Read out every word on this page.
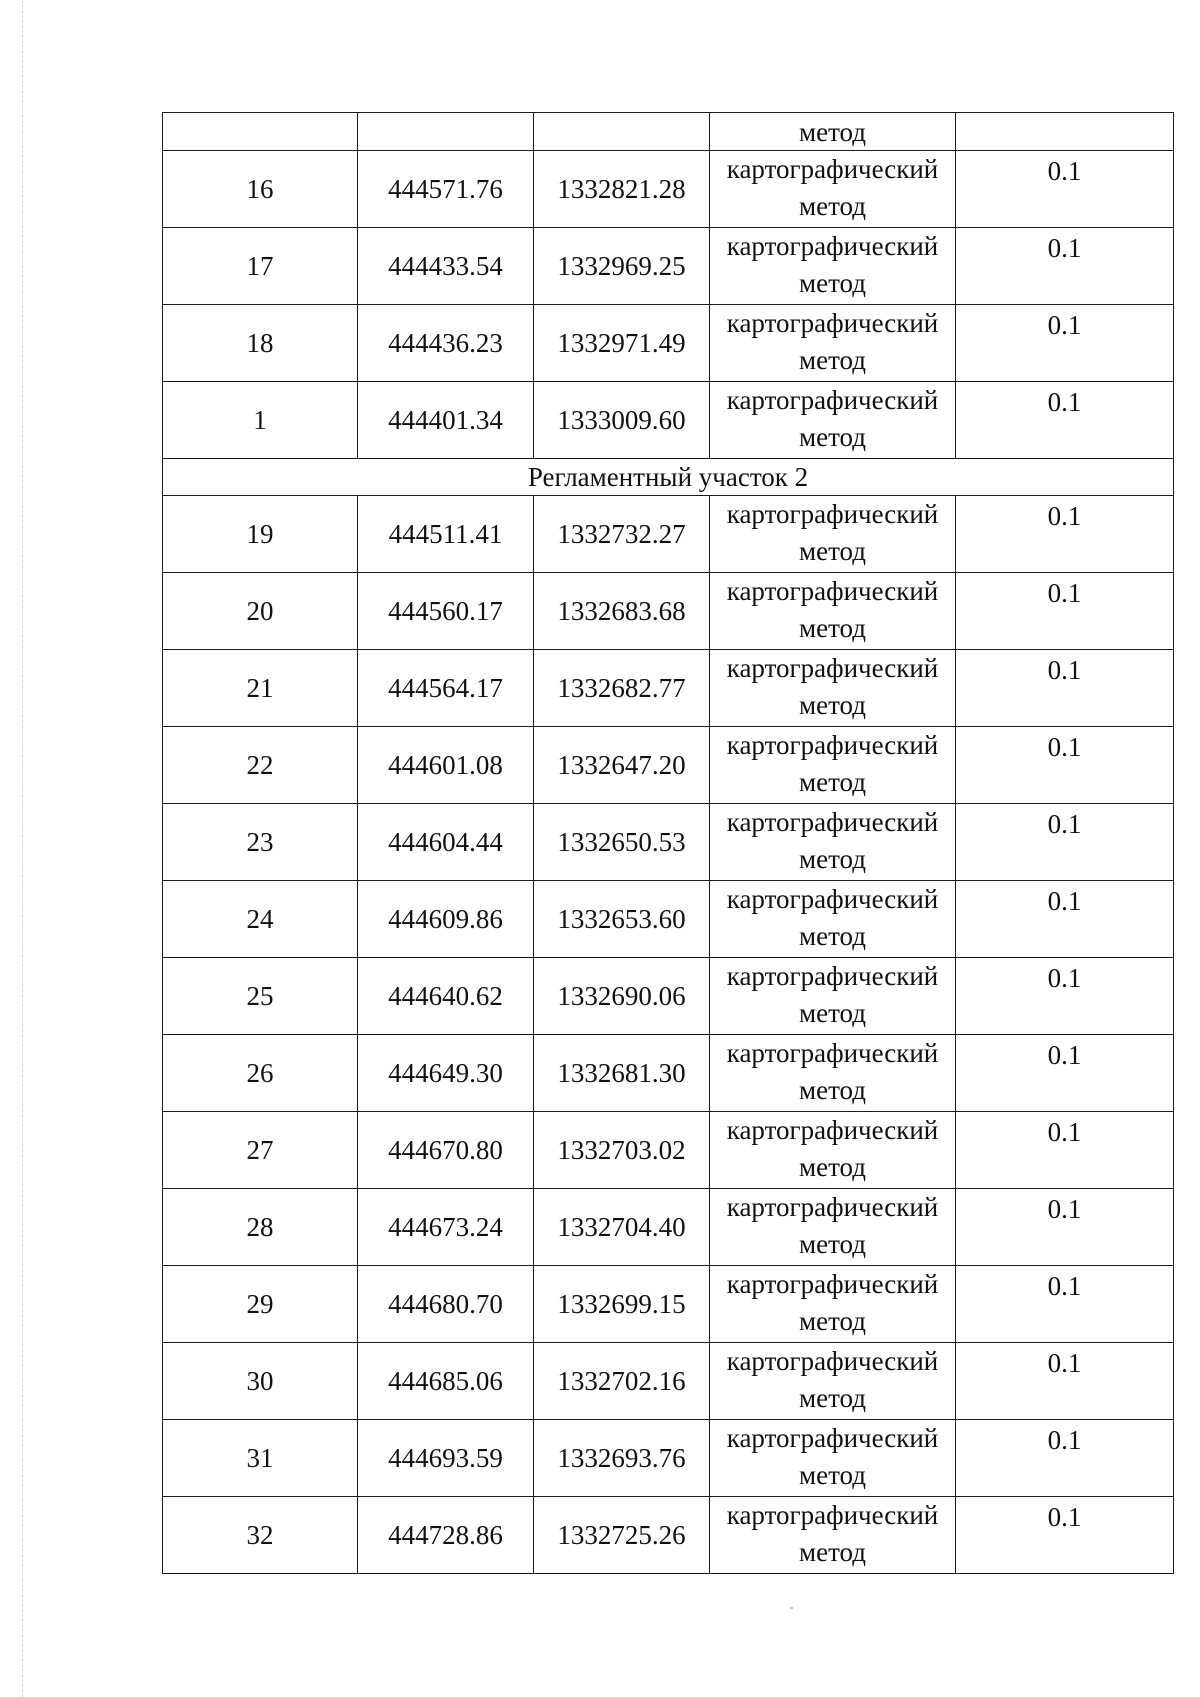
			метод	

16	444571.76	1332821.28	картографический
метод	0.1
17	444433.54	1332969.25	картографический
метод	0.1
18	444436.23	1332971.49	картографический
метод	0.1
1	444401.34	1333009.60	картографический
метод	0.1
Регламентный участок 2				
19	444511.41	1332732.27	картографический
метод	0.1
20	444560.17	1332683.68	картографический
метод	0.1
21	444564.17	1332682.77	картографический
метод	0.1
22	444601.08	1332647.20	картографический
метод	0.1
23	444604.44	1332650.53	картографический
метод	0.1
24	444609.86	1332653.60	картографический
метод	0.1
25	444640.62	1332690.06	картографический
метод	0.1
26	444649.30	1332681.30	картографический
метод	0.1
27	444670.80	1332703.02	картографический
метод	0.1
28	444673.24	1332704.40	картографический
метод	0.1
29	444680.70	1332699.15	картографический
метод	0.1
30	444685.06	1332702.16	картографический
метод	0.1
31	444693.59	1332693.76	картографический
метод	0.1
32	444728.86	1332725.26	картографический
метод	0.1
